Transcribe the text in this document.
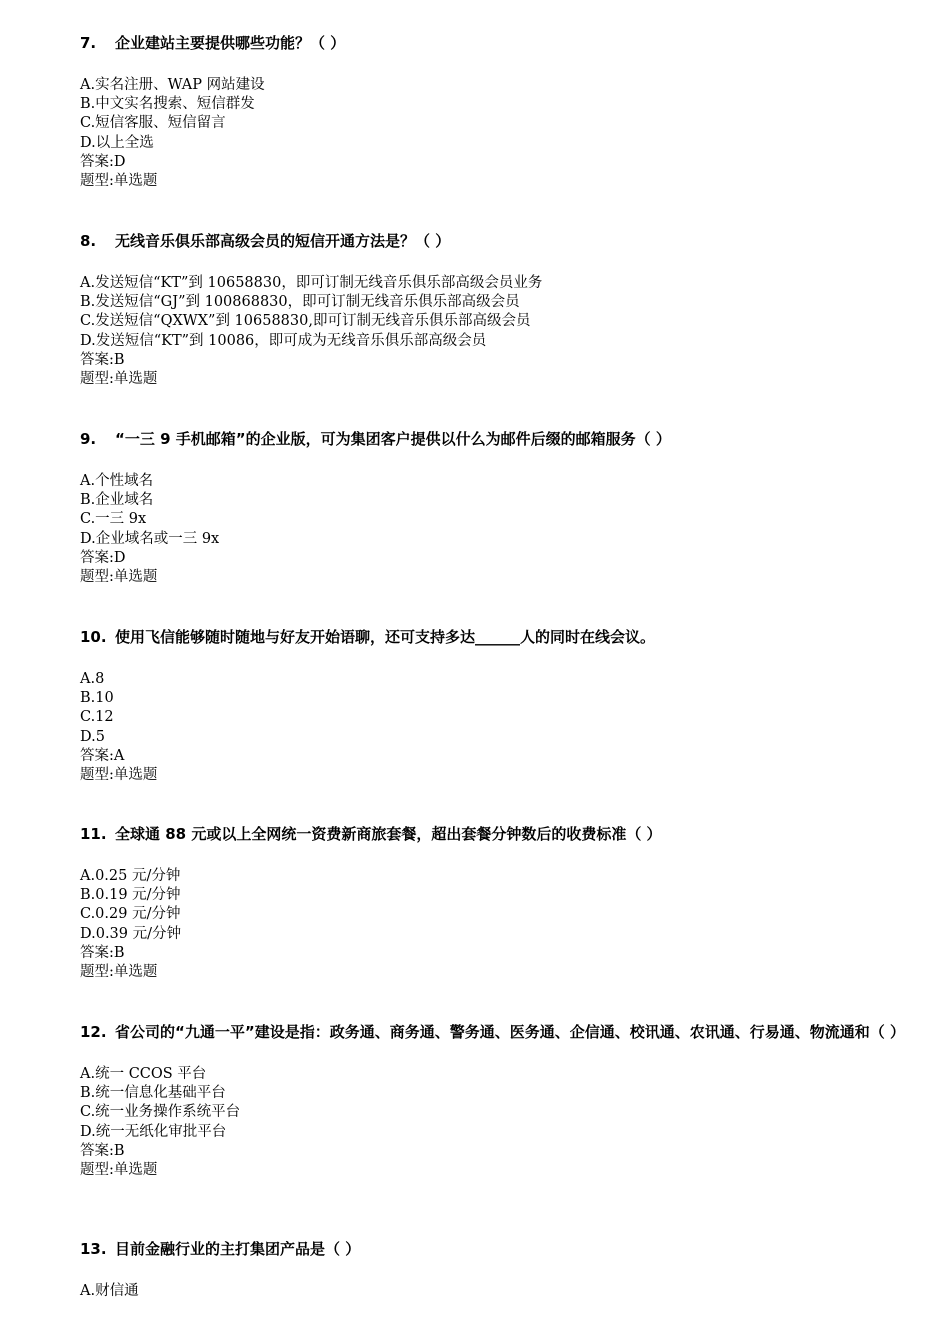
7.	企业建站主要提供哪些功能？（ ）
A.实名注册、WAP 网站建设
B.中文实名搜索、短信群发
C.短信客服、短信留言
D.以上全选
答案:D
题型:单选题
8.	无线音乐俱乐部高级会员的短信开通方法是？（ ）
A.发送短信“KT”到 10658830，即可订制无线音乐俱乐部高级会员业务
B.发送短信“GJ”到 100868830，即可订制无线音乐俱乐部高级会员
C.发送短信“QXWX”到 10658830,即可订制无线音乐俱乐部高级会员
D.发送短信“KT”到 10086，即可成为无线音乐俱乐部高级会员
答案:B
题型:单选题
9.	“一三 9 手机邮箱”的企业版，可为集团客户提供以什么为邮件后缀的邮箱服务（ ）
A.个性域名
B.企业域名
C.一三 9x
D.企业域名或一三 9x
答案:D
题型:单选题
10. 使用飞信能够随时随地与好友开始语聊，还可支持多达______人的同时在线会议。
A.8
B.10
C.12
D.5
答案:A
题型:单选题
11. 全球通 88 元或以上全网统一资费新商旅套餐，超出套餐分钟数后的收费标准（ ）
A.0.25 元/分钟
B.0.19 元/分钟
C.0.29 元/分钟
D.0.39 元/分钟
答案:B
题型:单选题
12. 省公司的“九通一平”建设是指：政务通、商务通、警务通、医务通、企信通、校讯通、农讯通、行易通、物流通和（ ）
A.统一 CCOS 平台
B.统一信息化基础平台
C.统一业务操作系统平台
D.统一无纸化审批平台
答案:B
题型:单选题
13. 目前金融行业的主打集团产品是（ ）
A.财信通
